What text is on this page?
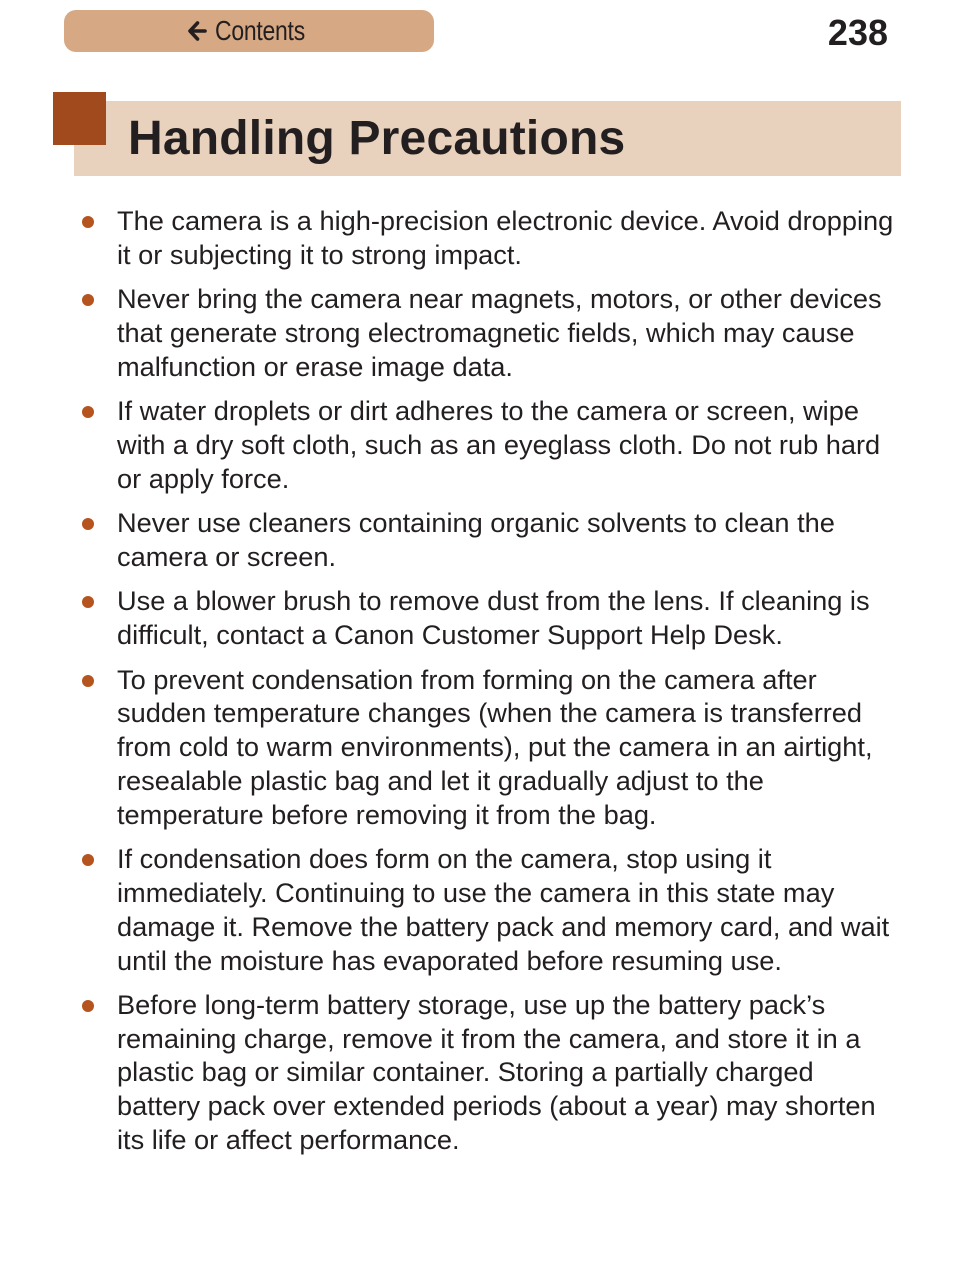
Contents	238
Handling Precautions
The camera is a high-precision electronic device. Avoid dropping it or subjecting it to strong impact.
Never bring the camera near magnets, motors, or other devices that generate strong electromagnetic fields, which may cause malfunction or erase image data.
If water droplets or dirt adheres to the camera or screen, wipe with a dry soft cloth, such as an eyeglass cloth. Do not rub hard or apply force.
Never use cleaners containing organic solvents to clean the camera or screen.
Use a blower brush to remove dust from the lens. If cleaning is difficult, contact a Canon Customer Support Help Desk.
To prevent condensation from forming on the camera after sudden temperature changes (when the camera is transferred from cold to warm environments), put the camera in an airtight, resealable plastic bag and let it gradually adjust to the temperature before removing it from the bag.
If condensation does form on the camera, stop using it immediately. Continuing to use the camera in this state may damage it. Remove the battery pack and memory card, and wait until the moisture has evaporated before resuming use.
Before long-term battery storage, use up the battery pack’s remaining charge, remove it from the camera, and store it in a plastic bag or similar container. Storing a partially charged battery pack over extended periods (about a year) may shorten its life or affect performance.
